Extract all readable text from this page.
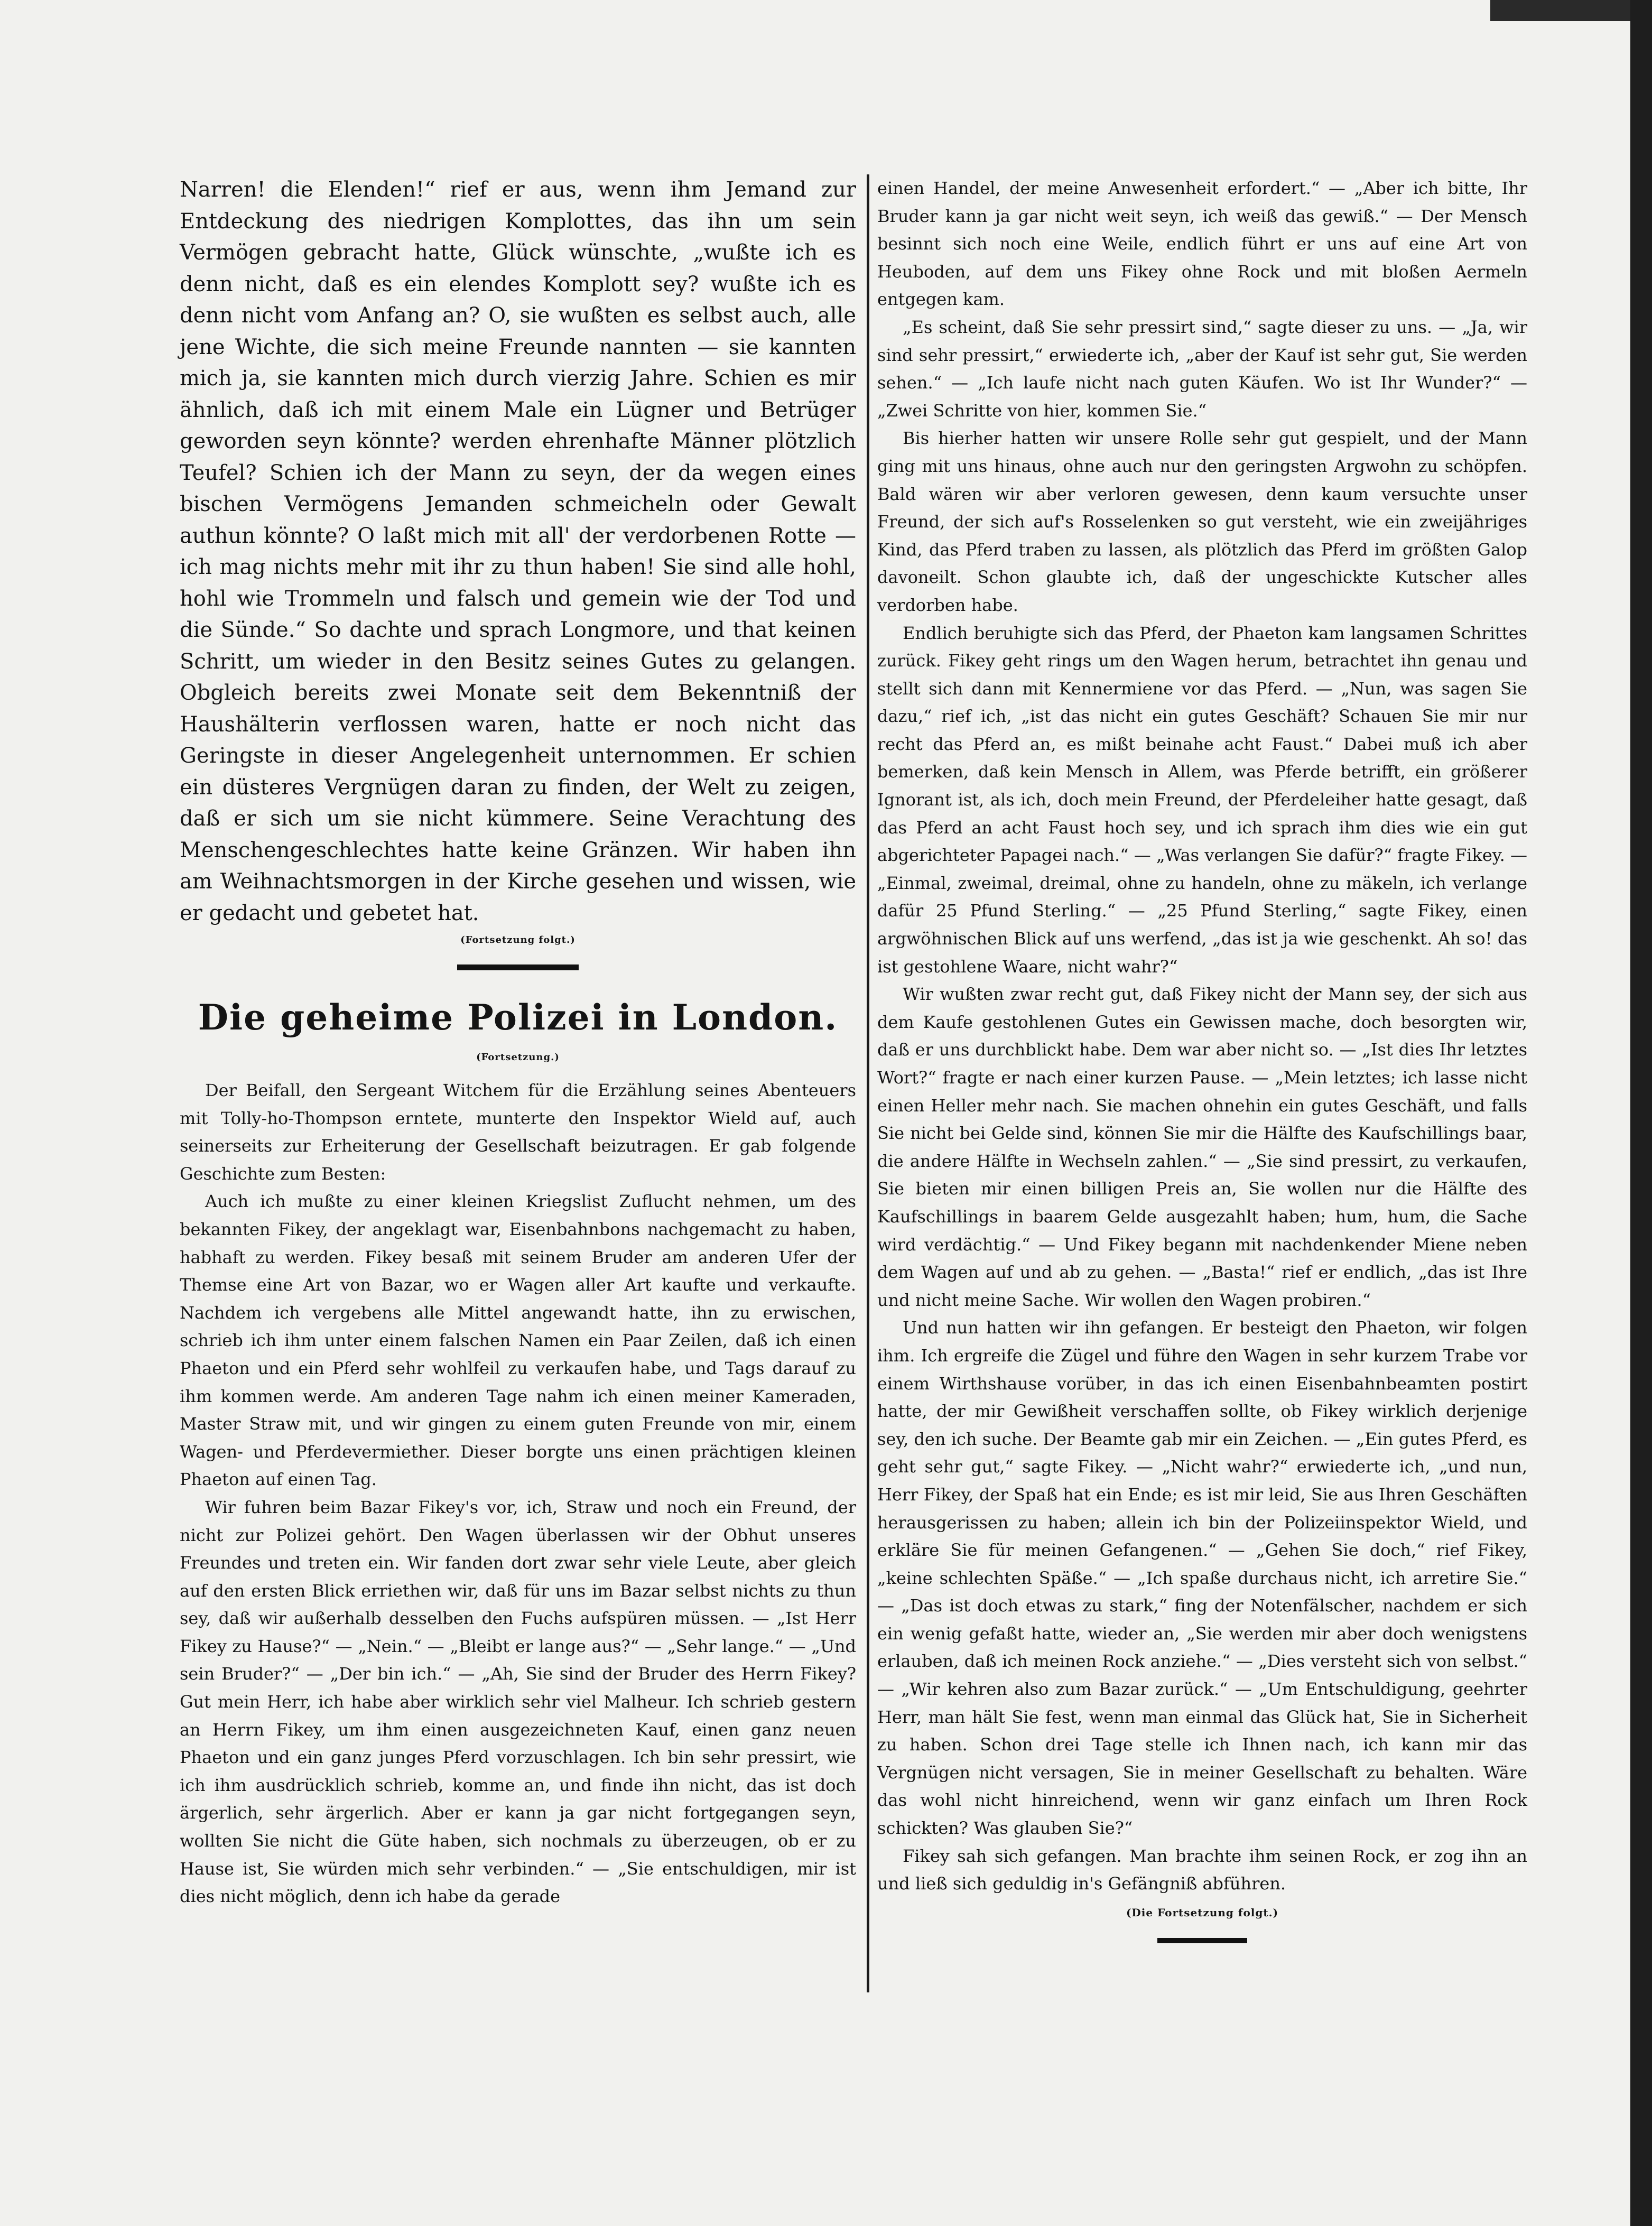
Narren! die Elenden!“ rief er aus, wenn ihm Jemand zur Entdeckung des niedrigen Komplottes, das ihn um sein Vermögen gebracht hatte, Glück wünschte, „wußte ich es denn nicht, daß es ein elendes Komplott sey? wußte ich es denn nicht vom Anfang an? O, sie wußten es selbst auch, alle jene Wichte, die sich meine Freunde nannten — sie kannten mich ja, sie kannten mich durch vierzig Jahre. Schien es mir ähnlich, daß ich mit einem Male ein Lügner und Betrüger geworden seyn könnte? werden ehrenhafte Männer plötzlich Teufel? Schien ich der Mann zu seyn, der da wegen eines bischen Vermögens Jemanden schmeicheln oder Gewalt authun könnte? O laßt mich mit all' der verdorbenen Rotte — ich mag nichts mehr mit ihr zu thun haben! Sie sind alle hohl, hohl wie Trommeln und falsch und gemein wie der Tod und die Sünde.“ So dachte und sprach Longmore, und that keinen Schritt, um wieder in den Besitz seines Gutes zu gelangen. Obgleich bereits zwei Monate seit dem Bekenntniß der Haushälterin verflossen waren, hatte er noch nicht das Geringste in dieser Angelegenheit unternommen. Er schien ein düsteres Vergnügen daran zu finden, der Welt zu zeigen, daß er sich um sie nicht kümmere. Seine Verachtung des Menschengeschlechtes hatte keine Gränzen. Wir haben ihn am Weihnachtsmorgen in der Kirche gesehen und wissen, wie er gedacht und gebetet hat.

(Fortsetzung folgt.)
Die geheime Polizei in London.
(Fortsetzung.)

Der Beifall, den Sergeant Witchem für die Erzählung seines Abenteuers mit Tolly-ho-Thompson erntete, munterte den Inspektor Wield auf, auch seinerseits zur Erheiterung der Gesellschaft beizutragen. Er gab folgende Geschichte zum Besten:

Auch ich mußte zu einer kleinen Kriegslist Zuflucht nehmen, um des bekannten Fikey, der angeklagt war, Eisenbahnbons nachgemacht zu haben, habhaft zu werden. Fikey besaß mit seinem Bruder am anderen Ufer der Themse eine Art von Bazar, wo er Wagen aller Art kaufte und verkaufte. Nachdem ich vergebens alle Mittel angewandt hatte, ihn zu erwischen, schrieb ich ihm unter einem falschen Namen ein Paar Zeilen, daß ich einen Phaeton und ein Pferd sehr wohlfeil zu verkaufen habe, und Tags darauf zu ihm kommen werde. Am anderen Tage nahm ich einen meiner Kameraden, Master Straw mit, und wir gingen zu einem guten Freunde von mir, einem Wagen- und Pferdevermiether. Dieser borgte uns einen prächtigen kleinen Phaeton auf einen Tag.

Wir fuhren beim Bazar Fikey's vor, ich, Straw und noch ein Freund, der nicht zur Polizei gehört. Den Wagen überlassen wir der Obhut unseres Freundes und treten ein. Wir fanden dort zwar sehr viele Leute, aber gleich auf den ersten Blick erriethen wir, daß für uns im Bazar selbst nichts zu thun sey, daß wir außerhalb desselben den Fuchs aufspüren müssen. — „Ist Herr Fikey zu Hause?“ — „Nein.“ — „Bleibt er lange aus?“ — „Sehr lange.“ — „Und sein Bruder?“ — „Der bin ich.“ — „Ah, Sie sind der Bruder des Herrn Fikey? Gut mein Herr, ich habe aber wirklich sehr viel Malheur. Ich schrieb gestern an Herrn Fikey, um ihm einen ausgezeichneten Kauf, einen ganz neuen Phaeton und ein ganz junges Pferd vorzuschlagen. Ich bin sehr pressirt, wie ich ihm ausdrücklich schrieb, komme an, und finde ihn nicht, das ist doch ärgerlich, sehr ärgerlich. Aber er kann ja gar nicht fortgegangen seyn, wollten Sie nicht die Güte haben, sich nochmals zu überzeugen, ob er zu Hause ist, Sie würden mich sehr verbinden.“ — „Sie entschuldigen, mir ist dies nicht möglich, denn ich habe da gerade

einen Handel, der meine Anwesenheit erfordert.“ — „Aber ich bitte, Ihr Bruder kann ja gar nicht weit seyn, ich weiß das gewiß.“ — Der Mensch besinnt sich noch eine Weile, endlich führt er uns auf eine Art von Heuboden, auf dem uns Fikey ohne Rock und mit bloßen Aermeln entgegen kam.

„Es scheint, daß Sie sehr pressirt sind,“ sagte dieser zu uns. — „Ja, wir sind sehr pressirt,“ erwiederte ich, „aber der Kauf ist sehr gut, Sie werden sehen.“ — „Ich laufe nicht nach guten Käufen. Wo ist Ihr Wunder?“ — „Zwei Schritte von hier, kommen Sie.“

Bis hierher hatten wir unsere Rolle sehr gut gespielt, und der Mann ging mit uns hinaus, ohne auch nur den geringsten Argwohn zu schöpfen. Bald wären wir aber verloren gewesen, denn kaum versuchte unser Freund, der sich auf's Rosselenken so gut versteht, wie ein zweijähriges Kind, das Pferd traben zu lassen, als plötzlich das Pferd im größten Galop davoneilt. Schon glaubte ich, daß der ungeschickte Kutscher alles verdorben habe.

Endlich beruhigte sich das Pferd, der Phaeton kam langsamen Schrittes zurück. Fikey geht rings um den Wagen herum, betrachtet ihn genau und stellt sich dann mit Kennermiene vor das Pferd. — „Nun, was sagen Sie dazu,“ rief ich, „ist das nicht ein gutes Geschäft? Schauen Sie mir nur recht das Pferd an, es mißt beinahe acht Faust.“ Dabei muß ich aber bemerken, daß kein Mensch in Allem, was Pferde betrifft, ein größerer Ignorant ist, als ich, doch mein Freund, der Pferdeleiher hatte gesagt, daß das Pferd an acht Faust hoch sey, und ich sprach ihm dies wie ein gut abgerichteter Papagei nach.“ — „Was verlangen Sie dafür?“ fragte Fikey. — „Einmal, zweimal, dreimal, ohne zu handeln, ohne zu mäkeln, ich verlange dafür 25 Pfund Sterling.“ — „25 Pfund Sterling,“ sagte Fikey, einen argwöhnischen Blick auf uns werfend, „das ist ja wie geschenkt. Ah so! das ist gestohlene Waare, nicht wahr?“

Wir wußten zwar recht gut, daß Fikey nicht der Mann sey, der sich aus dem Kaufe gestohlenen Gutes ein Gewissen mache, doch besorgten wir, daß er uns durchblickt habe. Dem war aber nicht so. — „Ist dies Ihr letztes Wort?“ fragte er nach einer kurzen Pause. — „Mein letztes; ich lasse nicht einen Heller mehr nach. Sie machen ohnehin ein gutes Geschäft, und falls Sie nicht bei Gelde sind, können Sie mir die Hälfte des Kaufschillings baar, die andere Hälfte in Wechseln zahlen.“ — „Sie sind pressirt, zu verkaufen, Sie bieten mir einen billigen Preis an, Sie wollen nur die Hälfte des Kaufschillings in baarem Gelde ausgezahlt haben; hum, hum, die Sache wird verdächtig.“ — Und Fikey begann mit nachdenkender Miene neben dem Wagen auf und ab zu gehen. — „Basta!“ rief er endlich, „das ist Ihre und nicht meine Sache. Wir wollen den Wagen probiren.“

Und nun hatten wir ihn gefangen. Er besteigt den Phaeton, wir folgen ihm. Ich ergreife die Zügel und führe den Wagen in sehr kurzem Trabe vor einem Wirthshause vorüber, in das ich einen Eisenbahnbeamten postirt hatte, der mir Gewißheit verschaffen sollte, ob Fikey wirklich derjenige sey, den ich suche. Der Beamte gab mir ein Zeichen. — „Ein gutes Pferd, es geht sehr gut,“ sagte Fikey. — „Nicht wahr?“ erwiederte ich, „und nun, Herr Fikey, der Spaß hat ein Ende; es ist mir leid, Sie aus Ihren Geschäften herausgerissen zu haben; allein ich bin der Polizeiinspektor Wield, und erkläre Sie für meinen Gefangenen.“ — „Gehen Sie doch,“ rief Fikey, „keine schlechten Späße.“ — „Ich spaße durchaus nicht, ich arretire Sie.“ — „Das ist doch etwas zu stark,“ fing der Notenfälscher, nachdem er sich ein wenig gefaßt hatte, wieder an, „Sie werden mir aber doch wenigstens erlauben, daß ich meinen Rock anziehe.“ — „Dies versteht sich von selbst.“ — „Wir kehren also zum Bazar zurück.“ — „Um Entschuldigung, geehrter Herr, man hält Sie fest, wenn man einmal das Glück hat, Sie in Sicherheit zu haben. Schon drei Tage stelle ich Ihnen nach, ich kann mir das Vergnügen nicht versagen, Sie in meiner Gesellschaft zu behalten. Wäre das wohl nicht hinreichend, wenn wir ganz einfach um Ihren Rock schickten? Was glauben Sie?“

Fikey sah sich gefangen. Man brachte ihm seinen Rock, er zog ihn an und ließ sich geduldig in's Gefängniß abführen.

(Die Fortsetzung folgt.)
